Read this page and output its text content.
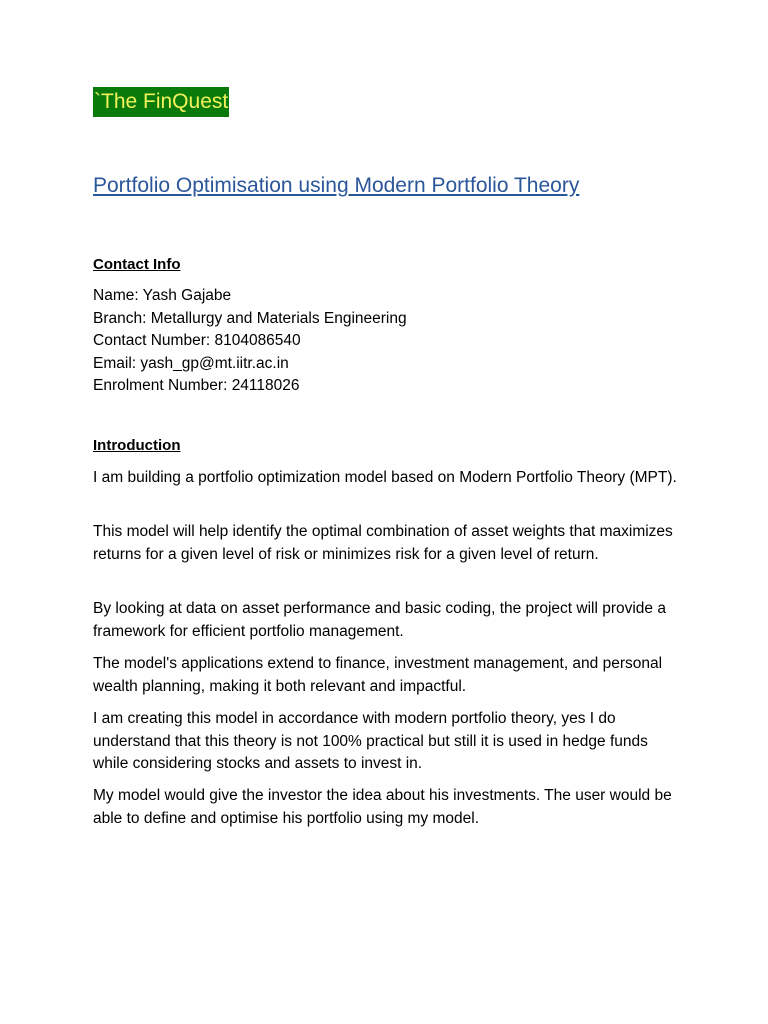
`The FinQuest
Portfolio Optimisation using Modern Portfolio Theory
Contact Info
Name: Yash Gajabe
Branch: Metallurgy and Materials Engineering
Contact Number: 8104086540
Email: yash_gp@mt.iitr.ac.in
Enrolment Number: 24118026
Introduction

I am building a portfolio optimization model based on Modern Portfolio Theory (MPT).

This model will help identify the optimal combination of asset weights that maximizes returns for a given level of risk or minimizes risk for a given level of return.

By looking at data on asset performance and basic coding, the project will provide a framework for efficient portfolio management.

The model's applications extend to finance, investment management, and personal wealth planning, making it both relevant and impactful.

I am creating this model in accordance with modern portfolio theory, yes I do understand that this theory is not 100% practical but still it is used in hedge funds while considering stocks and assets to invest in.

My model would give the investor the idea about his investments. The user would be able to define and optimise his portfolio using my model.
